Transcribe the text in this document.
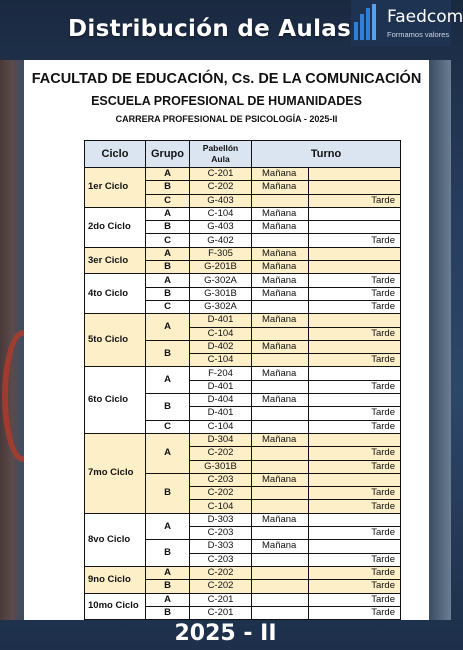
Distribución de Aulas Faedcom
Formamos valores
FACULTAD DE EDUCACIÓN, Cs. DE LA COMUNICACIÓN
ESCUELA PROFESIONAL DE HUMANIDADES
CARRERA PROFESIONAL DE PSICOLOGÍA - 2025-II
Ciclo	Grupo	Pabellón
Aula	Turno	
1er Ciclo	A	C-201	Mañana	
	B	C-202	Mañana	
	C	G-403		Tarde
2do Ciclo	A	C-104	Mañana	
	B	G-403	Mañana	
	C	G-402		Tarde
3er Ciclo	A	F-305	Mañana	
	B	G-201B	Mañana	
4to Ciclo	A	G-302A	Mañana	Tarde
	B	G-301B	Mañana	Tarde
	C	G-302A		Tarde
5to Ciclo	A	D-401	Mañana	
		C-104		Tarde
	B	D-402	Mañana	
		C-104		Tarde
6to Ciclo	A	F-204	Mañana	
		D-401		Tarde
	B	D-404	Mañana	
		D-401		Tarde
	C	C-104		Tarde
7mo Ciclo	A	D-304	Mañana	
		C-202		Tarde
		G-301B		Tarde
	B	C-203	Mañana	
		C-202		Tarde
		C-104		Tarde
8vo Ciclo	A	D-303	Mañana	
		C-203		Tarde
	B	D-303	Mañana	
		C-203		Tarde
9no Ciclo	A	C-202		Tarde
	B	C-202		Tarde
10mo Ciclo	A	C-201		Tarde
	B	C-201		Tarde
2025 - II
